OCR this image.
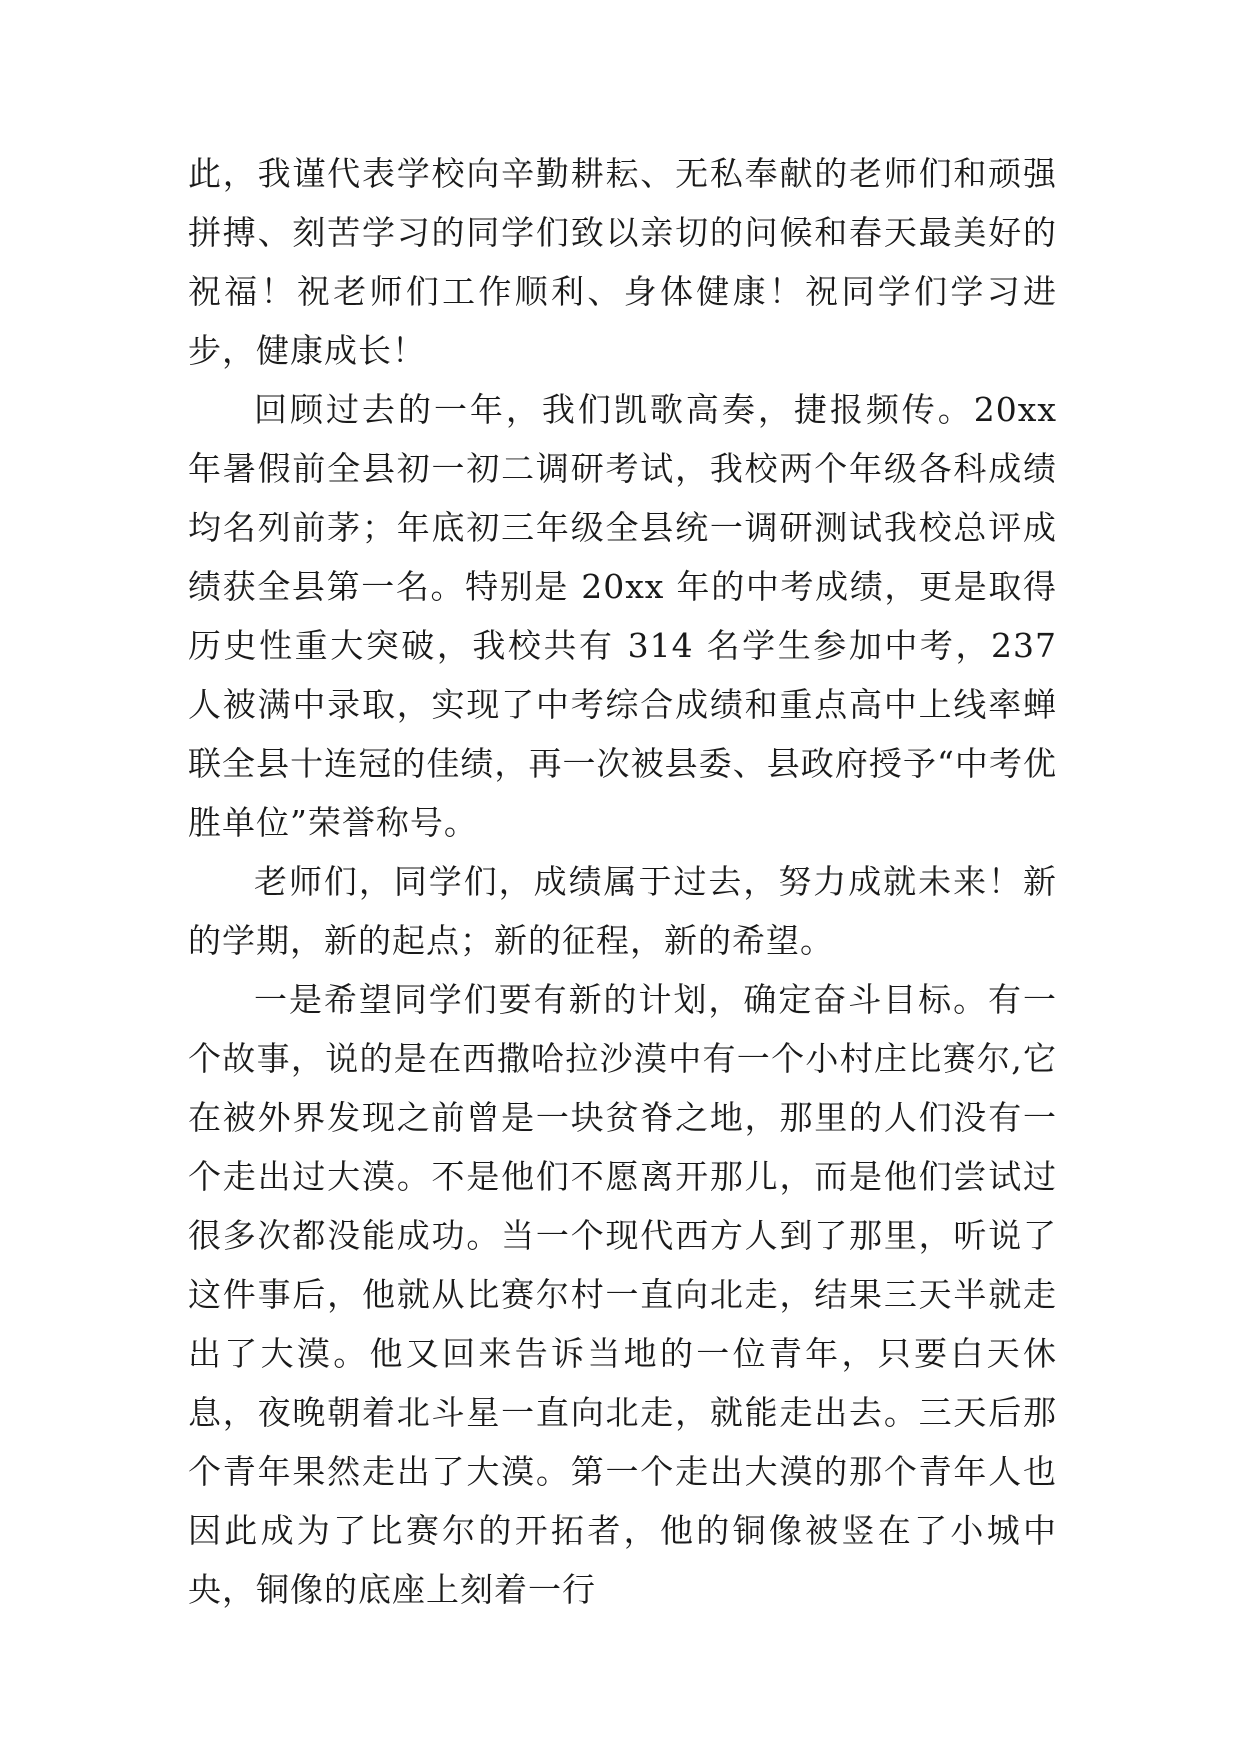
此，我谨代表学校向辛勤耕耘、无私奉献的老师们和顽强拼搏、刻苦学习的同学们致以亲切的问候和春天最美好的祝福！祝老师们工作顺利、身体健康！祝同学们学习进步，健康成长！

回顾过去的一年，我们凯歌高奏，捷报频传。20xx 年暑假前全县初一初二调研考试，我校两个年级各科成绩均名列前茅；年底初三年级全县统一调研测试我校总评成绩获全县第一名。特别是 20xx 年的中考成绩，更是取得历史性重大突破，我校共有 314 名学生参加中考，237 人被满中录取，实现了中考综合成绩和重点高中上线率蝉联全县十连冠的佳绩，再一次被县委、县政府授予“中考优胜单位”荣誉称号。

老师们，同学们，成绩属于过去，努力成就未来！新的学期，新的起点；新的征程，新的希望。

一是希望同学们要有新的计划，确定奋斗目标。有一个故事，说的是在西撒哈拉沙漠中有一个小村庄比赛尔,它在被外界发现之前曾是一块贫脊之地，那里的人们没有一个走出过大漠。不是他们不愿离开那儿，而是他们尝试过很多次都没能成功。当一个现代西方人到了那里，听说了这件事后，他就从比赛尔村一直向北走，结果三天半就走出了大漠。他又回来告诉当地的一位青年，只要白天休息，夜晚朝着北斗星一直向北走，就能走出去。三天后那个青年果然走出了大漠。第一个走出大漠的那个青年人也因此成为了比赛尔的开拓者，他的铜像被竖在了小城中央，铜像的底座上刻着一行
